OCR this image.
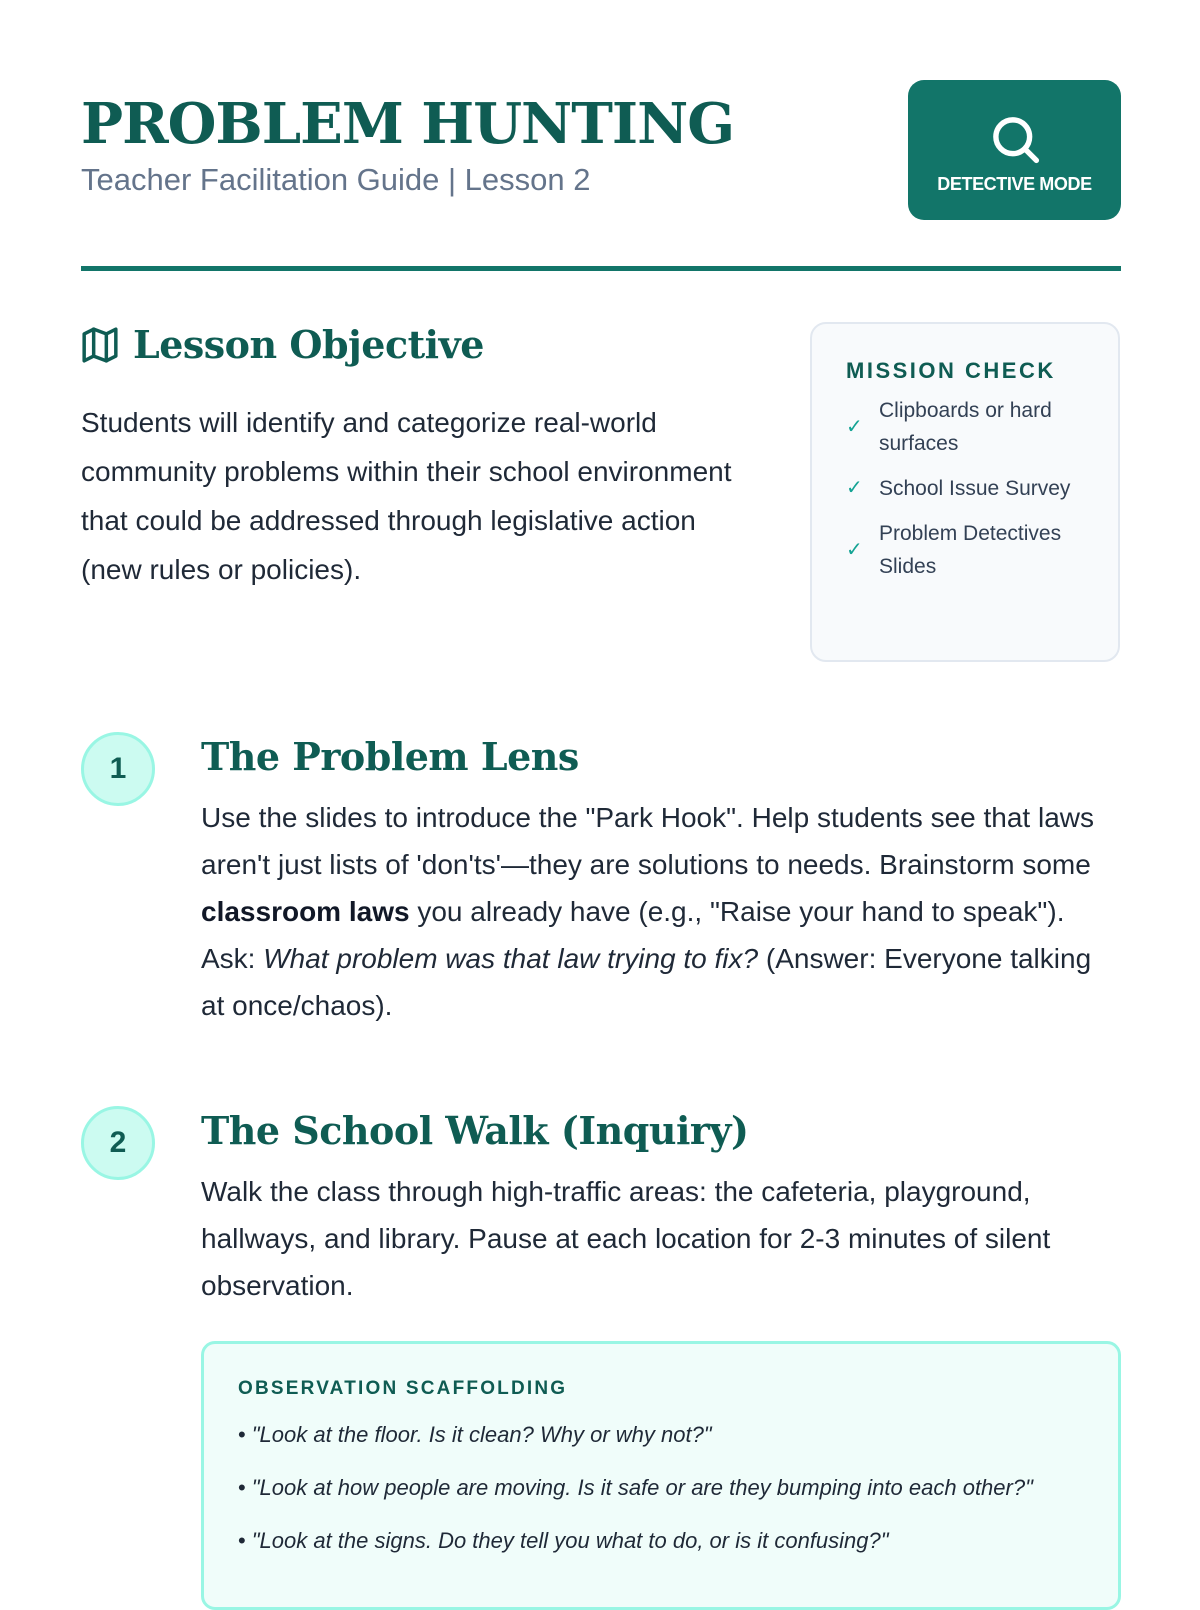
PROBLEM HUNTING
Teacher Facilitation Guide | Lesson 2	DETECTIVE MODE
Lesson Objective

Students will identify and categorize real-world community problems within their school environment that could be addressed through legislative action (new rules or policies).

MISSION CHECK
✓
Clipboards or hard surfaces
✓ School Issue Survey
✓
Problem Detectives Slides
1	The Problem Lens

Use the slides to introduce the "Park Hook". Help students see that laws aren't just lists of 'don'ts'—they are solutions to needs. Brainstorm some classroom laws you already have (e.g., "Raise your hand to speak"). Ask: What problem was that law trying to fix? (Answer: Everyone talking at once/chaos).

2	The School Walk (Inquiry)

Walk the class through high-traffic areas: the cafeteria, playground, hallways, and library. Pause at each location for 2-3 minutes of silent observation.

OBSERVATION SCAFFOLDING
• "Look at the floor. Is it clean? Why or why not?"
• "Look at how people are moving. Is it safe or are they bumping into each other?"
• "Look at the signs. Do they tell you what to do, or is it confusing?"
